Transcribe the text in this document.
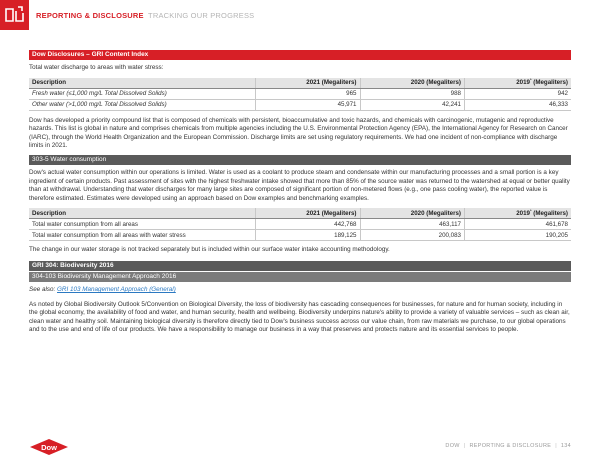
REPORTING & DISCLOSURE TRACKING OUR PROGRESS
Dow Disclosures – GRI Content Index

Total water discharge to areas with water stress:

Description	2021 (Megaliters)	2020 (Megaliters)	2019* (Megaliters)
Fresh water (≤1,000 mg/L Total Dissolved Solids)	965	988	942
Other water (>1,000 mg/L Total Dissolved Solids)	45,971	42,241	46,333

Dow has developed a priority compound list that is composed of chemicals with persistent, bioaccumulative and toxic hazards, and chemicals with carcinogenic, mutagenic and reproductive hazards. This list is global in nature and comprises chemicals from multiple agencies including the U.S. Environmental Protection Agency (EPA), the International Agency for Research on Cancer (IARC), through the World Health Organization and the European Commission. Discharge limits are set using regulatory requirements. We had one incident of non-compliance with discharge limits in 2021.

303-5 Water consumption

Dow's actual water consumption within our operations is limited. Water is used as a coolant to produce steam and condensate within our manufacturing processes and a small portion is a key ingredient of certain products. Past assessment of sites with the highest freshwater intake showed that more than 85% of the source water was returned to the watershed at equal or better quality than at withdrawal. Understanding that water discharges for many large sites are composed of significant portion of non-metered flows (e.g., one pass cooling water), the reported value is therefore estimated. Estimates were developed using an approach based on Dow examples and benchmarking examples.

Description	2021 (Megaliters)	2020 (Megaliters)	2019* (Megaliters)
Total water consumption from all areas	442,768	463,117	461,678
Total water consumption from all areas with water stress	189,125	200,083	190,205

The change in our water storage is not tracked separately but is included within our surface water intake accounting methodology.

GRI 304: Biodiversity 2016
304-103 Biodiversity Management Approach 2016

See also: GRI 103 Management Approach (General)

As noted by Global Biodiversity Outlook 5/Convention on Biological Diversity, the loss of biodiversity has cascading consequences for businesses, for nature and for human society, including in the global economy, the availability of food and water, and human security, health and wellbeing. Biodiversity underpins nature's ability to provide a variety of valuable services – such as clean air, clean water and healthy soil. Maintaining biological diversity is therefore directly tied to Dow's business success across our value chain, from raw materials we purchase, to our global operations and to the use and end of life of our products. We have a responsibility to manage our business in a way that preserves and protects nature and its essential services to people.

Dow	DOW | REPORTING & DISCLOSURE | 134
